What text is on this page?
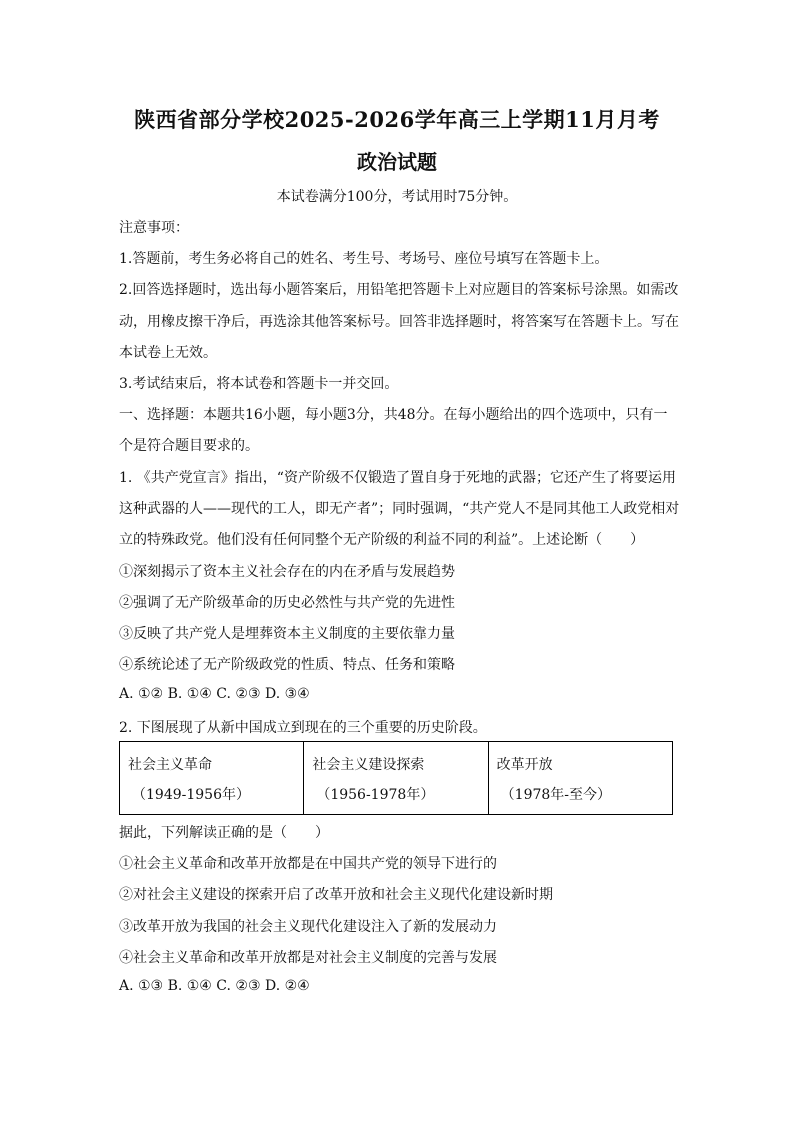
陕西省部分学校2025-2026学年高三上学期11月月考
政治试题
本试卷满分100分，考试用时75分钟。
注意事项：
1.答题前，考生务必将自己的姓名、考生号、考场号、座位号填写在答题卡上。
2.回答选择题时，选出每小题答案后，用铅笔把答题卡上对应题目的答案标号涂黑。如需改
动，用橡皮擦干净后，再选涂其他答案标号。回答非选择题时，将答案写在答题卡上。写在
本试卷上无效。
3.考试结束后，将本试卷和答题卡一并交回。
一、选择题：本题共16小题，每小题3分，共48分。在每小题给出的四个选项中，只有一
个是符合题目要求的。
1. 《共产党宣言》指出，“资产阶级不仅锻造了置自身于死地的武器；它还产生了将要运用
这种武器的人——现代的工人，即无产者”；同时强调，“共产党人不是同其他工人政党相对
立的特殊政党。他们没有任何同整个无产阶级的利益不同的利益”。上述论断（　　）
①深刻揭示了资本主义社会存在的内在矛盾与发展趋势
②强调了无产阶级革命的历史必然性与共产党的先进性
③反映了共产党人是埋葬资本主义制度的主要依靠力量
④系统论述了无产阶级政党的性质、特点、任务和策略
A. ①② B. ①④ C. ②③ D. ③④
2. 下图展现了从新中国成立到现在的三个重要的历史阶段。
社会主义革命
（1949-1956年）

社会主义建设探索
（1956-1978年）

改革开放
（1978年-至今）
据此，下列解读正确的是（　　）
①社会主义革命和改革开放都是在中国共产党的领导下进行的
②对社会主义建设的探索开启了改革开放和社会主义现代化建设新时期
③改革开放为我国的社会主义现代化建设注入了新的发展动力
④社会主义革命和改革开放都是对社会主义制度的完善与发展
A. ①③ B. ①④ C. ②③ D. ②④
